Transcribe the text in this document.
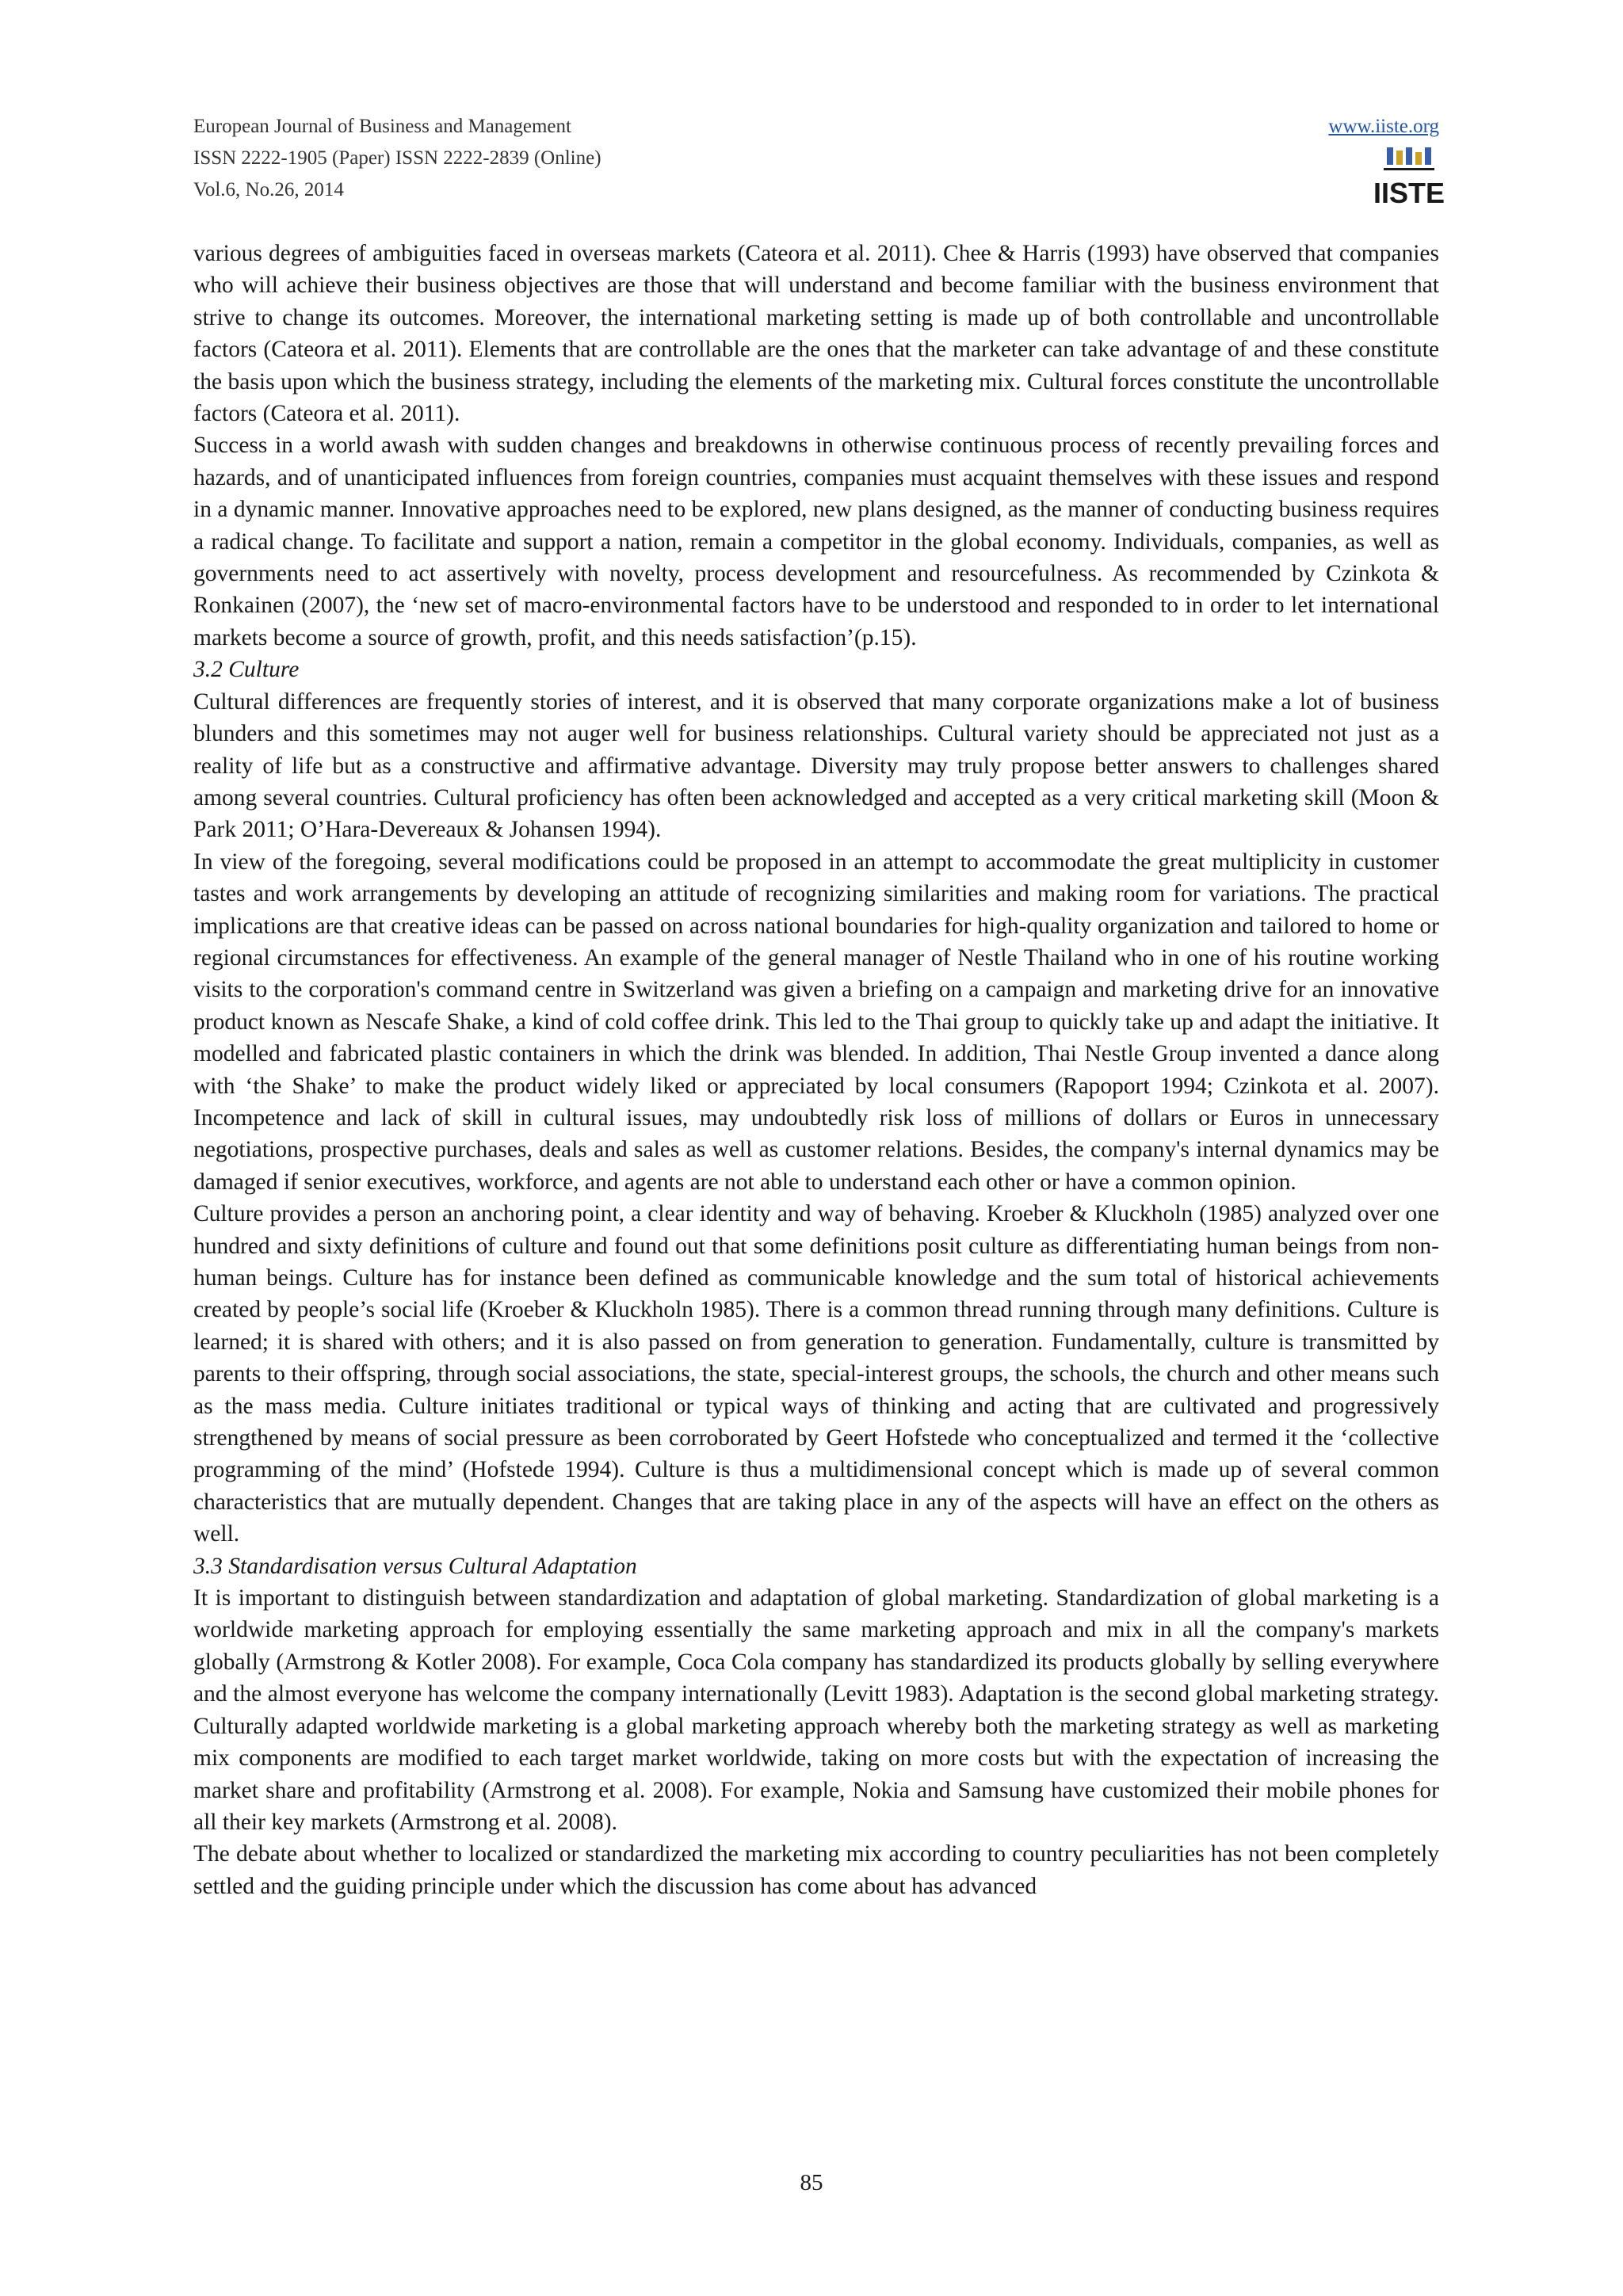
European Journal of Business and Management
ISSN 2222-1905 (Paper) ISSN 2222-2839 (Online)
Vol.6, No.26, 2014
www.iiste.org
IISTE

various degrees of ambiguities faced in overseas markets (Cateora et al. 2011). Chee & Harris (1993) have observed that companies who will achieve their business objectives are those that will understand and become familiar with the business environment that strive to change its outcomes. Moreover, the international marketing setting is made up of both controllable and uncontrollable factors (Cateora et al. 2011). Elements that are controllable are the ones that the marketer can take advantage of and these constitute the basis upon which the business strategy, including the elements of the marketing mix. Cultural forces constitute the uncontrollable factors (Cateora et al. 2011).

Success in a world awash with sudden changes and breakdowns in otherwise continuous process of recently prevailing forces and hazards, and of unanticipated influences from foreign countries, companies must acquaint themselves with these issues and respond in a dynamic manner. Innovative approaches need to be explored, new plans designed, as the manner of conducting business requires a radical change. To facilitate and support a nation, remain a competitor in the global economy. Individuals, companies, as well as governments need to act assertively with novelty, process development and resourcefulness. As recommended by Czinkota & Ronkainen (2007), the ‘new set of macro-environmental factors have to be understood and responded to in order to let international markets become a source of growth, profit, and this needs satisfaction’(p.15).

3.2 Culture

Cultural differences are frequently stories of interest, and it is observed that many corporate organizations make a lot of business blunders and this sometimes may not auger well for business relationships. Cultural variety should be appreciated not just as a reality of life but as a constructive and affirmative advantage. Diversity may truly propose better answers to challenges shared among several countries. Cultural proficiency has often been acknowledged and accepted as a very critical marketing skill (Moon & Park 2011; O’Hara-Devereaux & Johansen 1994).

In view of the foregoing, several modifications could be proposed in an attempt to accommodate the great multiplicity in customer tastes and work arrangements by developing an attitude of recognizing similarities and making room for variations. The practical implications are that creative ideas can be passed on across national boundaries for high-quality organization and tailored to home or regional circumstances for effectiveness. An example of the general manager of Nestle Thailand who in one of his routine working visits to the corporation's command centre in Switzerland was given a briefing on a campaign and marketing drive for an innovative product known as Nescafe Shake, a kind of cold coffee drink. This led to the Thai group to quickly take up and adapt the initiative. It modelled and fabricated plastic containers in which the drink was blended. In addition, Thai Nestle Group invented a dance along with ‘the Shake’ to make the product widely liked or appreciated by local consumers (Rapoport 1994; Czinkota et al. 2007). Incompetence and lack of skill in cultural issues, may undoubtedly risk loss of millions of dollars or Euros in unnecessary negotiations, prospective purchases, deals and sales as well as customer relations. Besides, the company's internal dynamics may be damaged if senior executives, workforce, and agents are not able to understand each other or have a common opinion.

Culture provides a person an anchoring point, a clear identity and way of behaving. Kroeber & Kluckholn (1985) analyzed over one hundred and sixty definitions of culture and found out that some definitions posit culture as differentiating human beings from non-human beings. Culture has for instance been defined as communicable knowledge and the sum total of historical achievements created by people’s social life (Kroeber & Kluckholn 1985). There is a common thread running through many definitions. Culture is learned; it is shared with others; and it is also passed on from generation to generation. Fundamentally, culture is transmitted by parents to their offspring, through social associations, the state, special-interest groups, the schools, the church and other means such as the mass media. Culture initiates traditional or typical ways of thinking and acting that are cultivated and progressively strengthened by means of social pressure as been corroborated by Geert Hofstede who conceptualized and termed it the ‘collective programming of the mind’ (Hofstede 1994). Culture is thus a multidimensional concept which is made up of several common characteristics that are mutually dependent. Changes that are taking place in any of the aspects will have an effect on the others as well.

3.3 Standardisation versus Cultural Adaptation

It is important to distinguish between standardization and adaptation of global marketing. Standardization of global marketing is a worldwide marketing approach for employing essentially the same marketing approach and mix in all the company's markets globally (Armstrong & Kotler 2008). For example, Coca Cola company has standardized its products globally by selling everywhere and the almost everyone has welcome the company internationally (Levitt 1983). Adaptation is the second global marketing strategy. Culturally adapted worldwide marketing is a global marketing approach whereby both the marketing strategy as well as marketing mix components are modified to each target market worldwide, taking on more costs but with the expectation of increasing the market share and profitability (Armstrong et al. 2008). For example, Nokia and Samsung have customized their mobile phones for all their key markets (Armstrong et al. 2008).

The debate about whether to localized or standardized the marketing mix according to country peculiarities has not been completely settled and the guiding principle under which the discussion has come about has advanced

85
